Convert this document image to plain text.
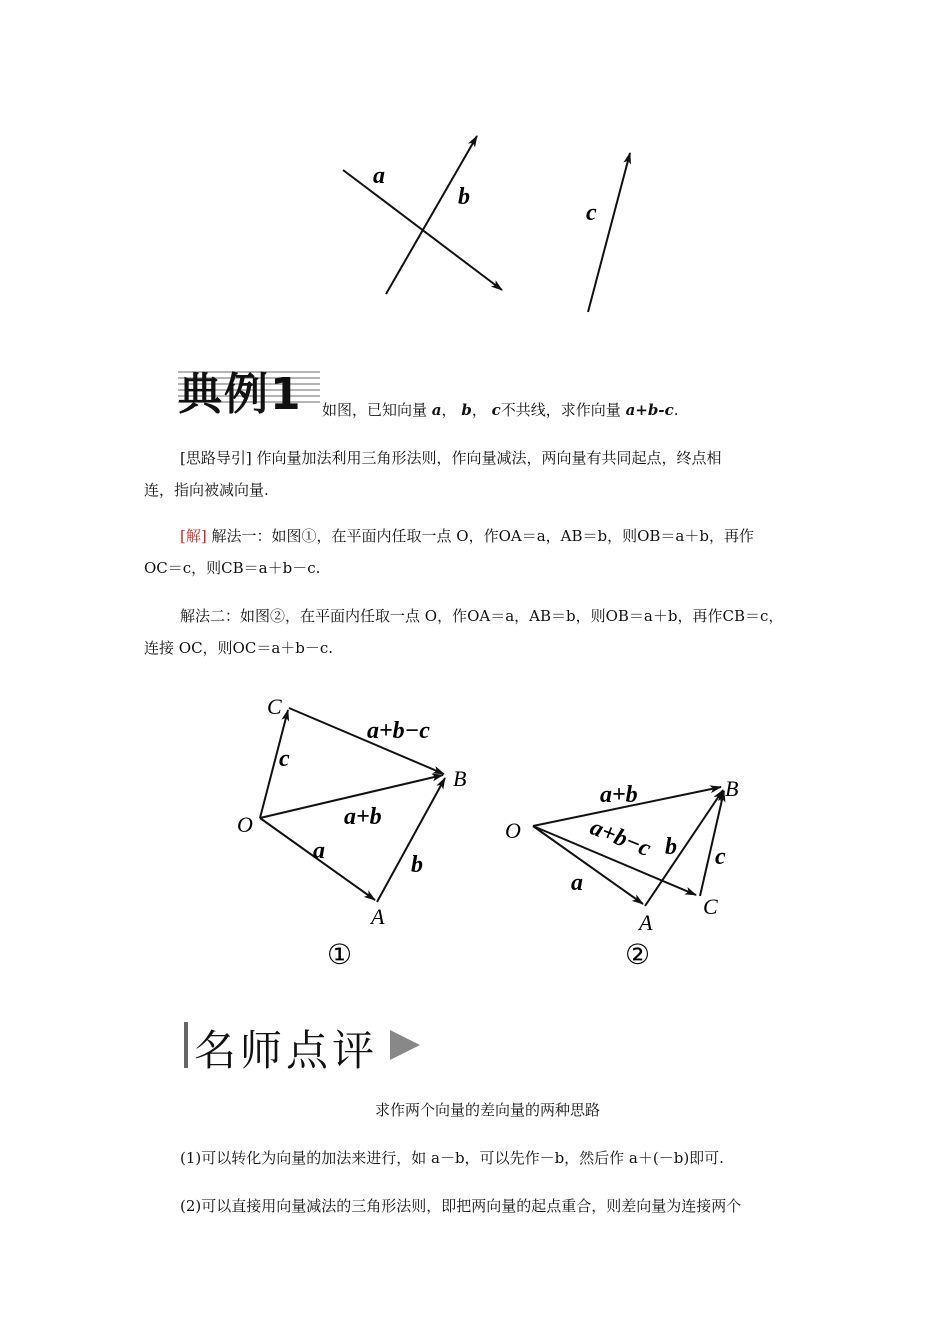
a
b
c
典例1 如图，已知向量 a， b， c不共线，求作向量 a+b-c.
[思路导引] 作向量加法利用三角形法则，作向量减法，两向量有共同起点，终点相
连，指向被减向量.
[解] 解法一：如图①，在平面内任取一点 O，作OA＝a，AB＝b，则OB＝a＋b，再作
OC＝c，则CB＝a＋b－c.
解法二：如图②，在平面内任取一点 O，作OA＝a，AB＝b，则OB＝a＋b，再作CB＝c，
连接 OC，则OC＝a＋b－c.
C
B
O
A
c
a+b−c
a+b
a
b
①
B
O
A
C
a+b
a+b−c
a
b c
②
名师点评
求作两个向量的差向量的两种思路
(1)可以转化为向量的加法来进行，如 a－b，可以先作－b，然后作 a＋(－b)即可.
(2)可以直接用向量减法的三角形法则，即把两向量的起点重合，则差向量为连接两个
